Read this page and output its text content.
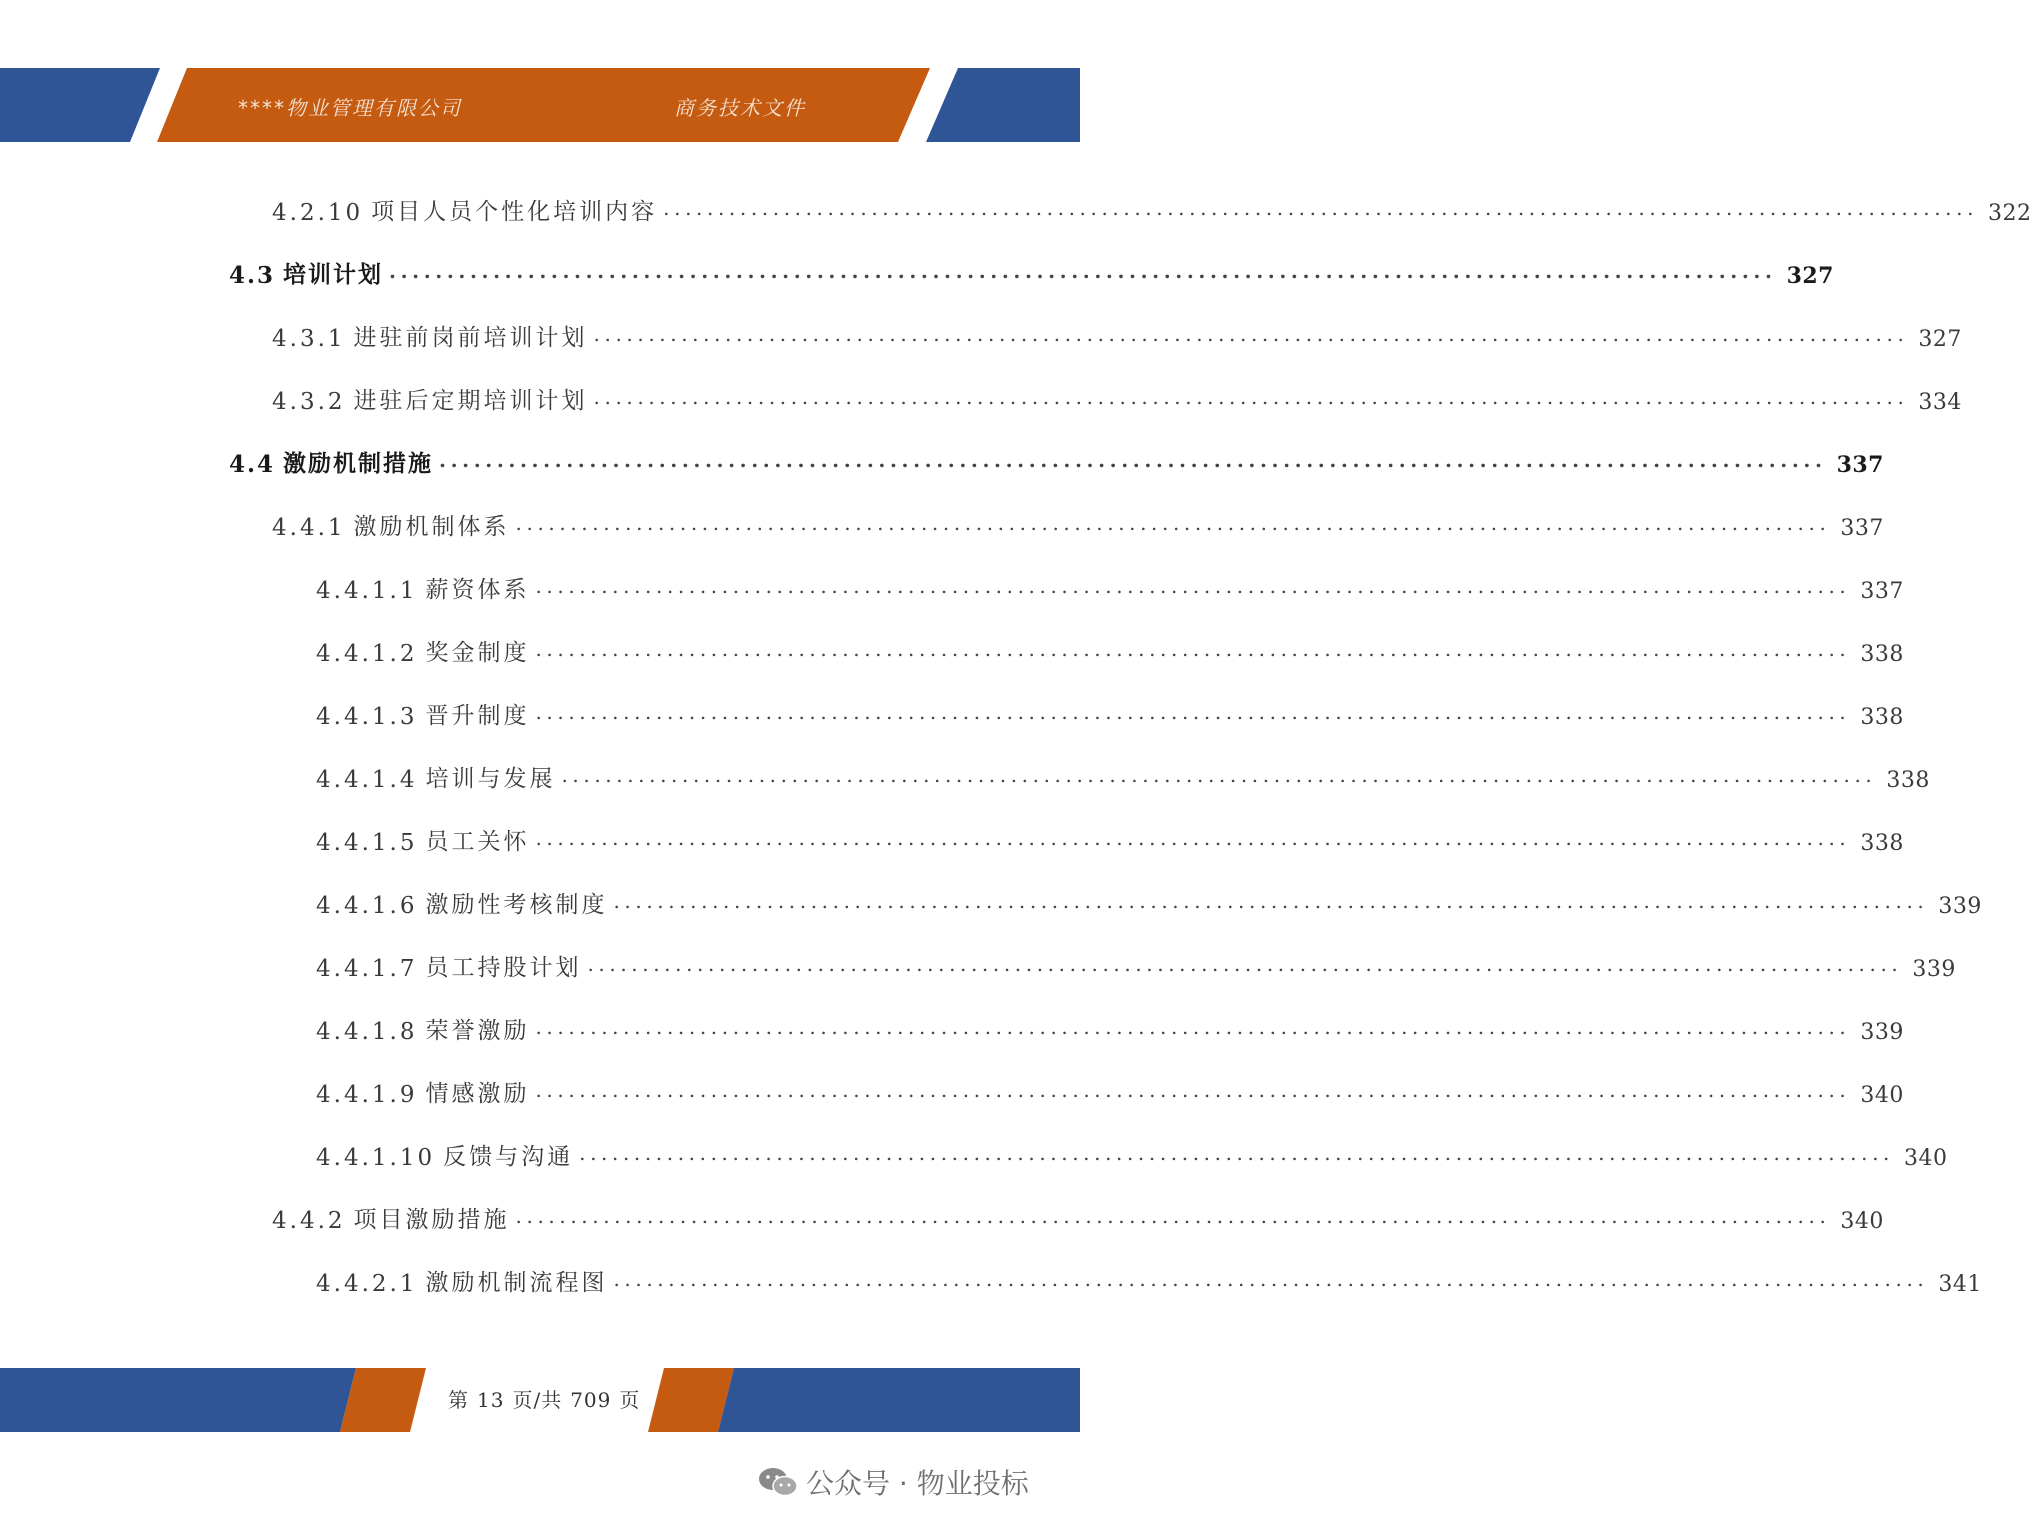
****物业管理有限公司	商务技术文件
4.2.10 项目人员个性化培训内容 ........................................................................................................................ 322
4.3 培训计划 ........................................................................................................................ 327
4.3.1 进驻前岗前培训计划 ........................................................................................................................ 327
4.3.2 进驻后定期培训计划 ........................................................................................................................ 334
4.4 激励机制措施 ........................................................................................................................ 337
4.4.1 激励机制体系 ........................................................................................................................ 337
4.4.1.1 薪资体系 ........................................................................................................................ 337
4.4.1.2 奖金制度 ........................................................................................................................ 338
4.4.1.3 晋升制度 ........................................................................................................................ 338
4.4.1.4 培训与发展 ........................................................................................................................ 338
4.4.1.5 员工关怀 ........................................................................................................................ 338
4.4.1.6 激励性考核制度 ........................................................................................................................ 339
4.4.1.7 员工持股计划 ........................................................................................................................ 339
4.4.1.8 荣誉激励 ........................................................................................................................ 339
4.4.1.9 情感激励 ........................................................................................................................ 340
4.4.1.10 反馈与沟通 ........................................................................................................................ 340
4.4.2 项目激励措施 ........................................................................................................................ 340
4.4.2.1 激励机制流程图 ........................................................................................................................ 341
第 13 页/共 709 页
公众号 · 物业投标
